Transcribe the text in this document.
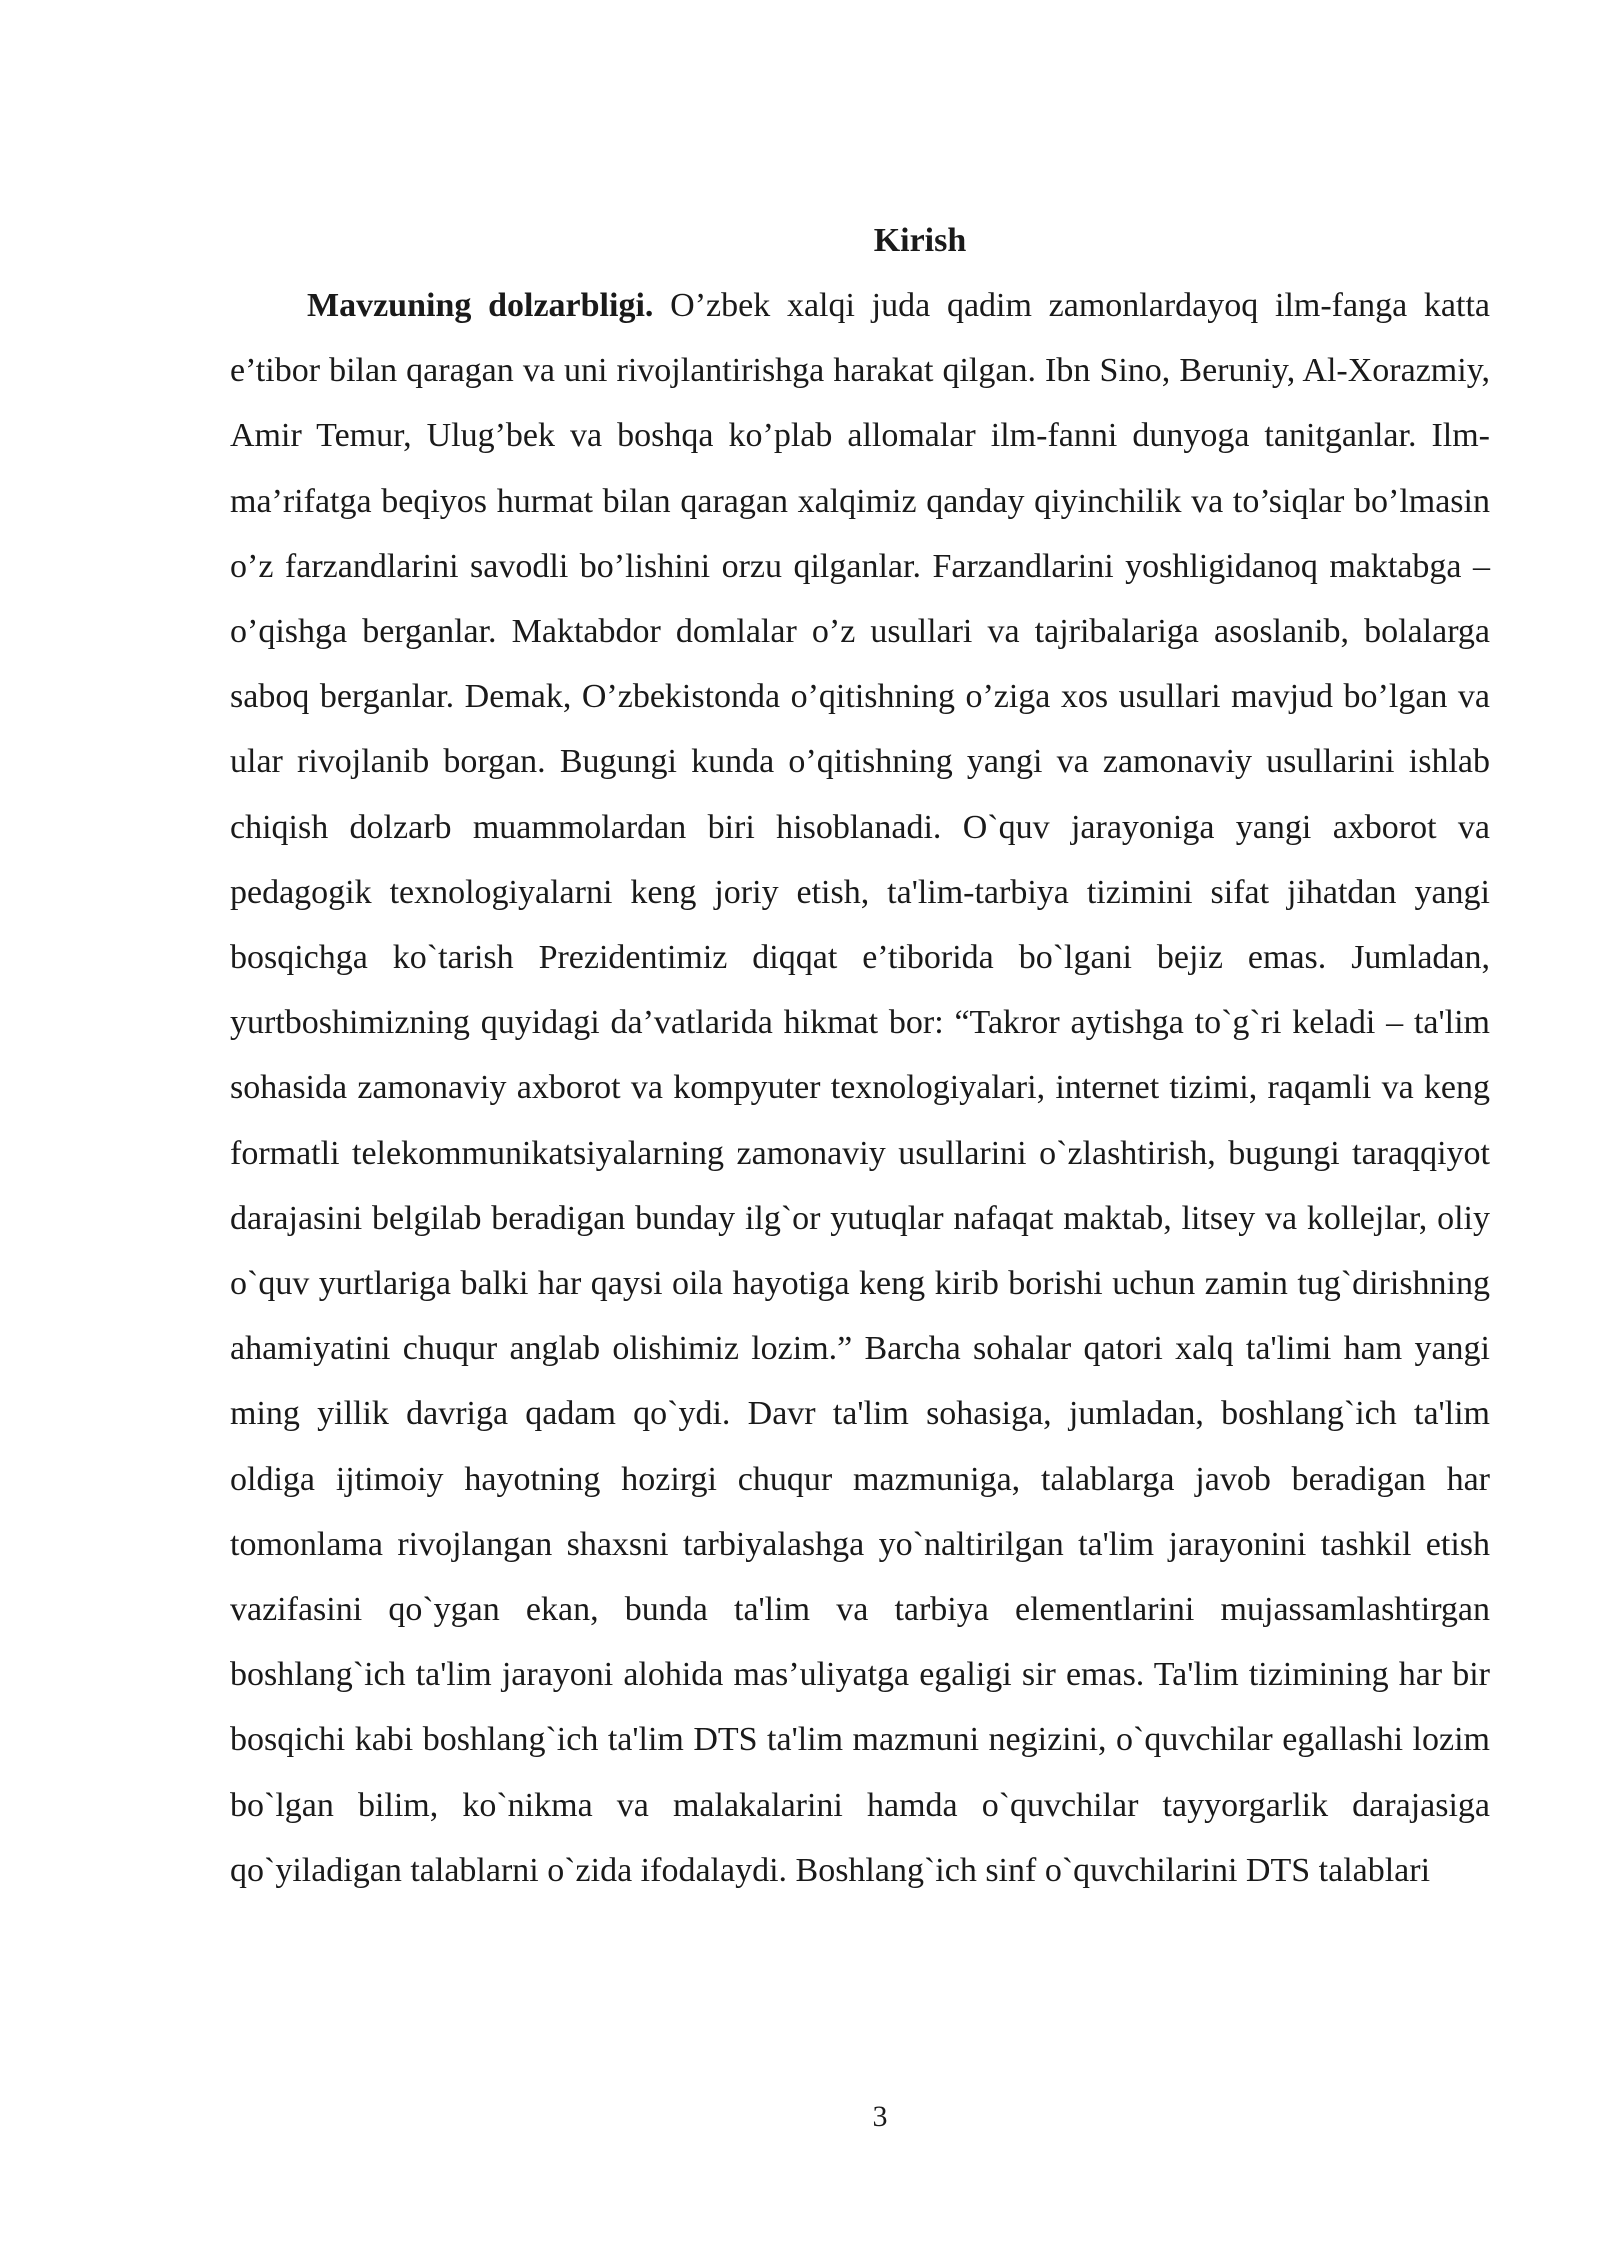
Kirish

Mavzuning dolzarbligi. O’zbek xalqi juda qadim zamonlardayoq ilm-fanga katta e’tibor bilan qaragan va uni rivojlantirishga harakat qilgan. Ibn Sino, Beruniy, Al-Xorazmiy, Amir Temur, Ulug’bek va boshqa ko’plab allomalar ilm-fanni dunyoga tanitganlar. Ilm-ma’rifatga beqiyos hurmat bilan qaragan xalqimiz qanday qiyinchilik va to’siqlar bo’lmasin o’z farzandlarini savodli bo’lishini orzu qilganlar. Farzandlarini yoshligidanoq maktabga – o’qishga berganlar. Maktabdor domlalar o’z usullari va tajribalariga asoslanib, bolalarga saboq berganlar. Demak, O’zbekistonda o’qitishning o’ziga xos usullari mavjud bo’lgan va ular rivojlanib borgan. Bugungi kunda o’qitishning yangi va zamonaviy usullarini ishlab chiqish dolzarb muammolardan biri hisoblanadi. O`quv jarayoniga yangi axborot va pedagogik texnologiyalarni keng joriy etish, ta'lim-tarbiya tizimini sifat jihatdan yangi bosqichga ko`tarish Prezidentimiz diqqat e’tiborida bo`lgani bejiz emas. Jumladan, yurtboshimizning quyidagi da’vatlarida hikmat bor: “Takror aytishga to`g`ri keladi – ta'lim sohasida zamonaviy axborot va kompyuter texnologiyalari, internet tizimi, raqamli va keng formatli telekommunikatsiyalarning zamonaviy usullarini o`zlashtirish, bugungi taraqqiyot darajasini belgilab beradigan bunday ilg`or yutuqlar nafaqat maktab, litsey va kollejlar, oliy o`quv yurtlariga balki har qaysi oila hayotiga keng kirib borishi uchun zamin tug`dirishning ahamiyatini chuqur anglab olishimiz lozim.” Barcha sohalar qatori xalq ta'limi ham yangi ming yillik davriga qadam qo`ydi. Davr ta'lim sohasiga, jumladan, boshlang`ich ta'lim oldiga ijtimoiy hayotning hozirgi chuqur mazmuniga, talablarga javob beradigan har tomonlama rivojlangan shaxsni tarbiyalashga yo`naltirilgan ta'lim jarayonini tashkil etish vazifasini qo`ygan ekan, bunda ta'lim va tarbiya elementlarini mujassamlashtirgan boshlang`ich ta'lim jarayoni alohida mas’uliyatga egaligi sir emas. Ta'lim tizimining har bir bosqichi kabi boshlang`ich ta'lim DTS ta'lim mazmuni negizini, o`quvchilar egallashi lozim bo`lgan bilim, ko`nikma va malakalarini hamda o`quvchilar tayyorgarlik darajasiga qo`yiladigan talablarni o`zida ifodalaydi. Boshlang`ich sinf o`quvchilarini DTS talablari

3
